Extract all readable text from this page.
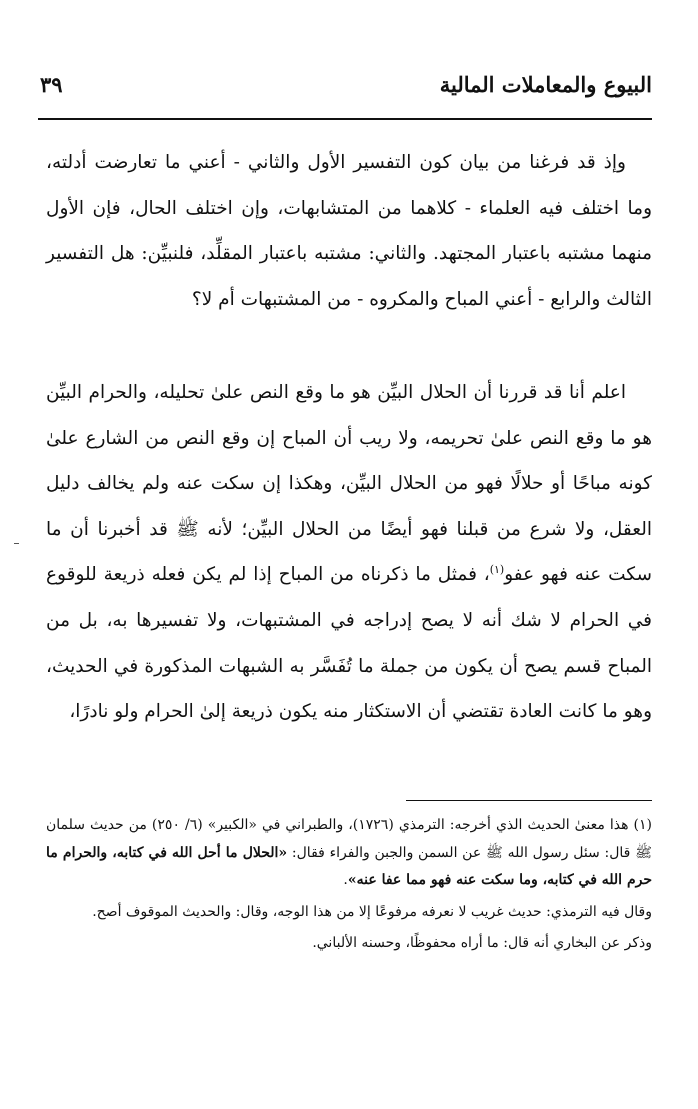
البيوع والمعاملات المالية
٣٩

وإذ قد فرغنا من بيان كون التفسير الأول والثاني - أعني ما تعارضت أدلته، وما اختلف فيه العلماء - كلاهما من المتشابهات، وإن اختلف الحال، فإن الأول منهما مشتبه باعتبار المجتهد. والثاني: مشتبه باعتبار المقلِّد، فلنبيِّن: هل التفسير الثالث والرابع - أعني المباح والمكروه - من المشتبهات أم لا؟

اعلم أنا قد قررنا أن الحلال البيِّن هو ما وقع النص علىٰ تحليله، والحرام البيِّن هو ما وقع النص علىٰ تحريمه، ولا ريب أن المباح إن وقع النص من الشارع علىٰ كونه مباحًا أو حلالًا فهو من الحلال البيِّن، وهكذا إن سكت عنه ولم يخالف دليل العقل، ولا شرع من قبلنا فهو أيضًا من الحلال البيِّن؛ لأنه ﷺ قد أخبرنا أن ما سكت عنه فهو عفو$^{(١)}$، فمثل ما ذكرناه من المباح إذا لم يكن فعله ذريعة للوقوع في الحرام لا شك أنه لا يصح إدراجه في المشتبهات، ولا تفسيرها به، بل من المباح قسم يصح أن يكون من جملة ما تُفَسَّر به الشبهات المذكورة في الحديث، وهو ما كانت العادة تقتضي أن الاستكثار منه يكون ذريعة إلىٰ الحرام ولو نادرًا،

(١) هذا معنىٰ الحديث الذي أخرجه: الترمذي (١٧٢٦)، والطبراني في «الكبير» (٦/ ٢٥٠) من حديث سلمان ﷺ قال: سئل رسول الله ﷺ عن السمن والجبن والفراء فقال: «الحلال ما أحل الله في كتابه، والحرام ما حرم الله في كتابه، وما سكت عنه فهو مما عفا عنه».

وقال فيه الترمذي: حديث غريب لا نعرفه مرفوعًا إلا من هذا الوجه، وقال: والحديث الموقوف أصح.

وذكر عن البخاري أنه قال: ما أراه محفوظًا، وحسنه الألباني.
